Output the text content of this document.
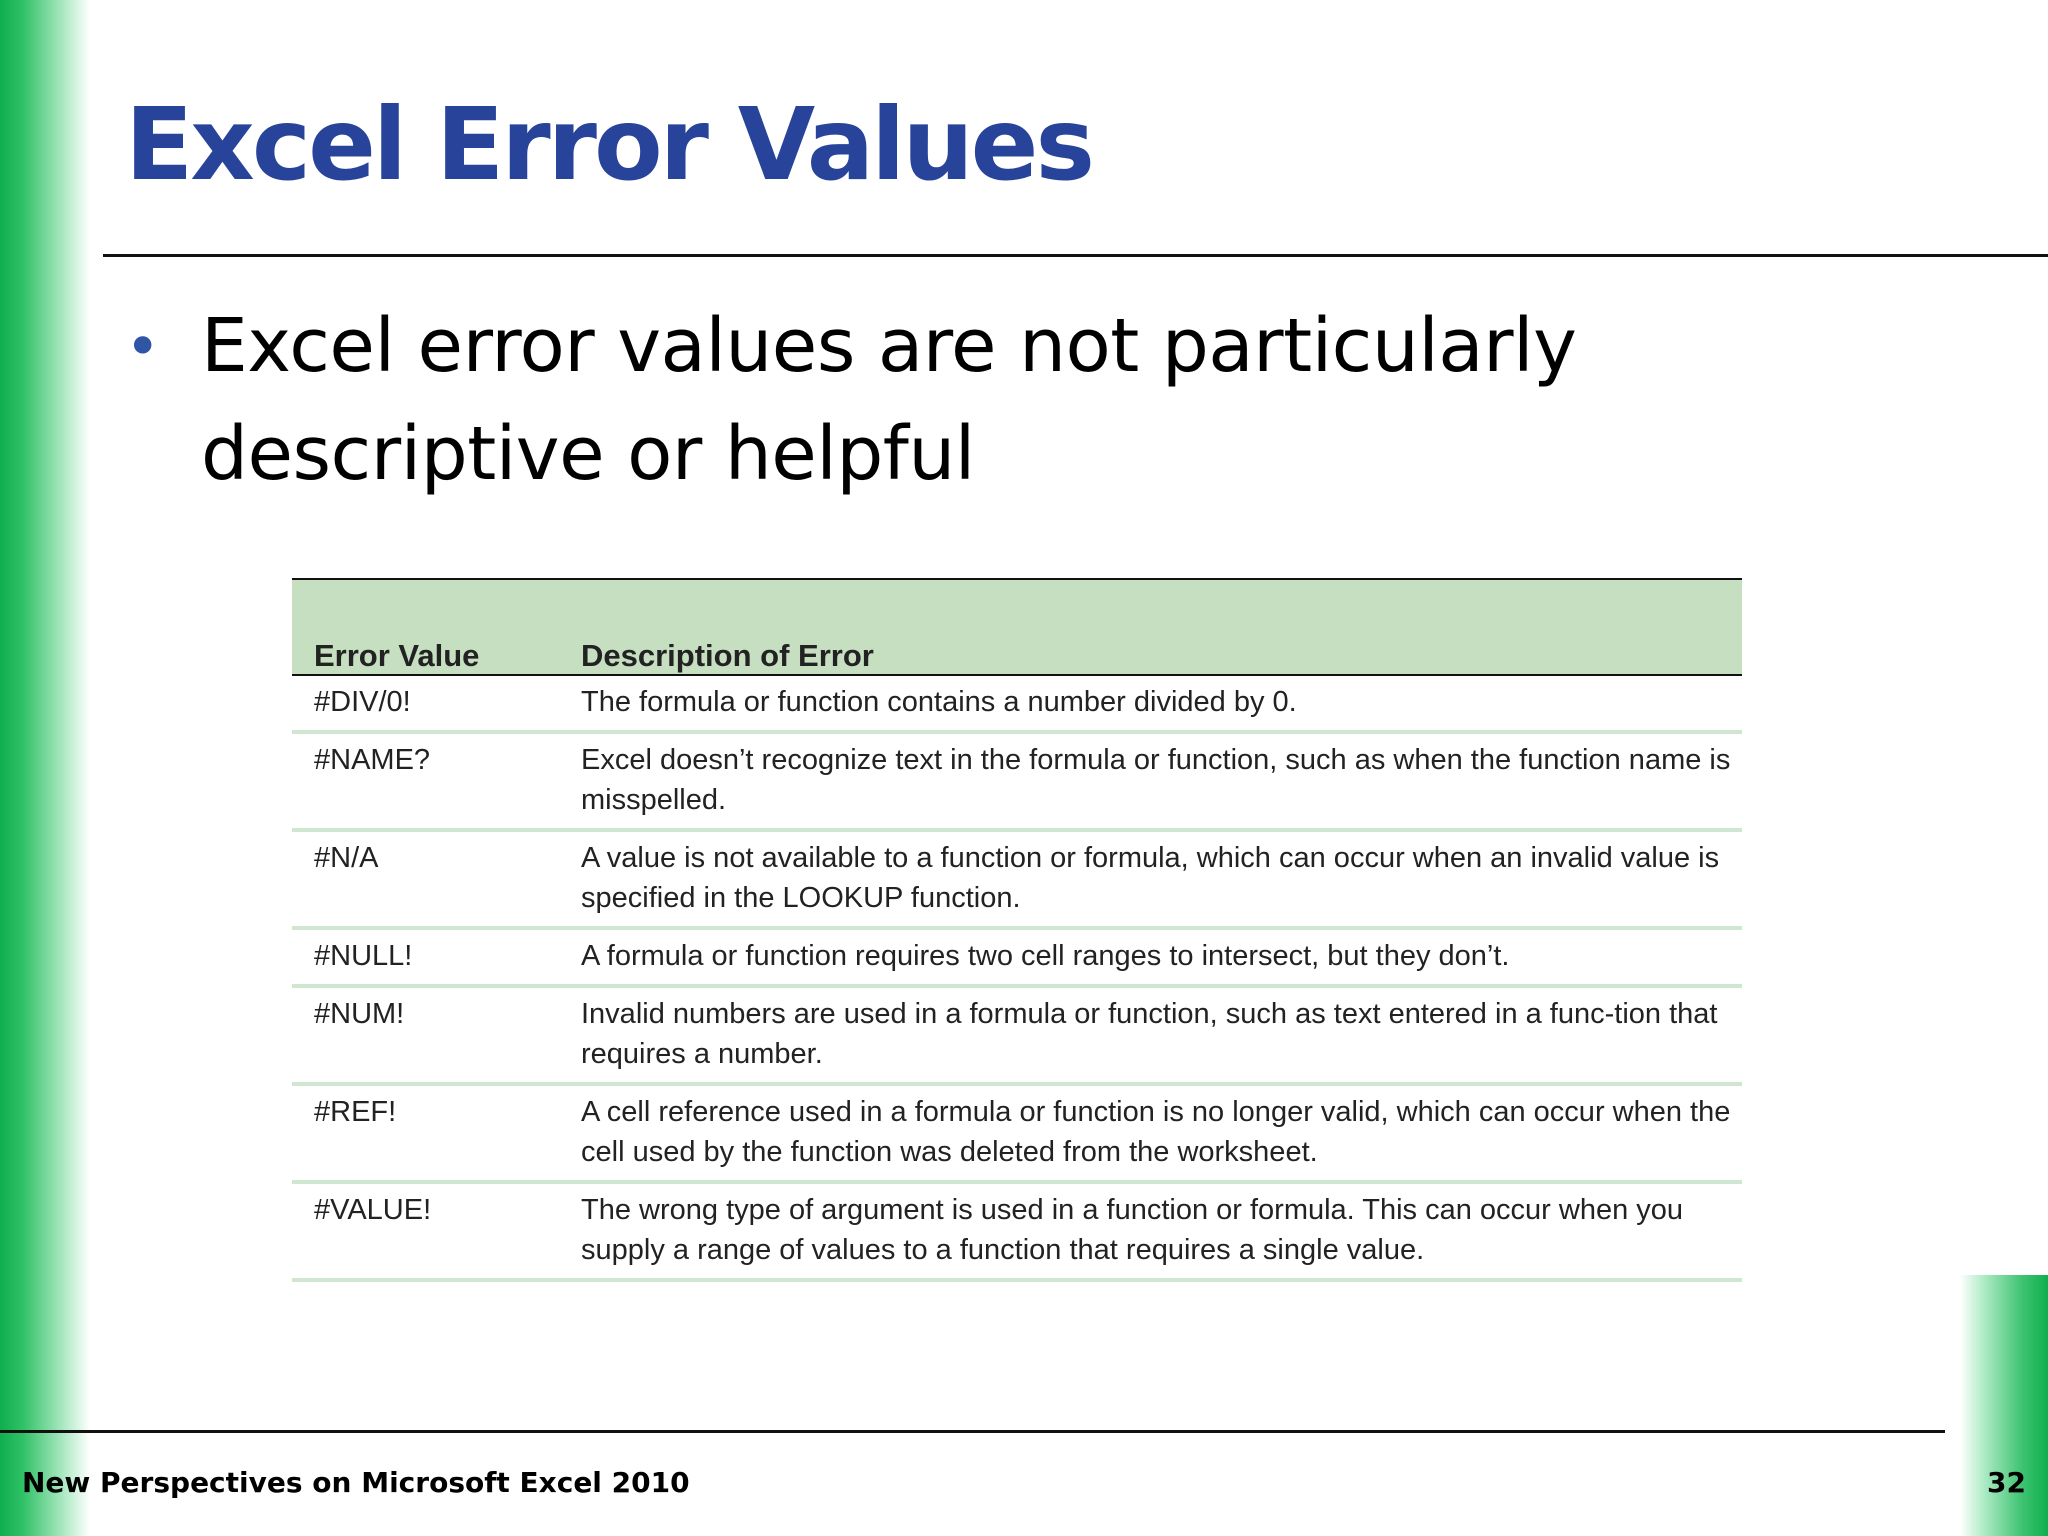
Excel Error Values
• Excel error values are not particularly descriptive or helpful
Error Value	Description of Error
#DIV/0!	The formula or function contains a number divided by 0.
#NAME?	Excel doesn’t recognize text in the formula or function, such as when the function name is misspelled.
#N/A	A value is not available to a function or formula, which can occur when an invalid value is specified in the LOOKUP function.
#NULL!	A formula or function requires two cell ranges to intersect, but they don’t.
#NUM!	Invalid numbers are used in a formula or function, such as text entered in a func-tion that requires a number.
#REF!	A cell reference used in a formula or function is no longer valid, which can occur when the cell used by the function was deleted from the worksheet.
#VALUE!	The wrong type of argument is used in a function or formula. This can occur when you supply a range of values to a function that requires a single value.
New Perspectives on Microsoft Excel 2010	32
